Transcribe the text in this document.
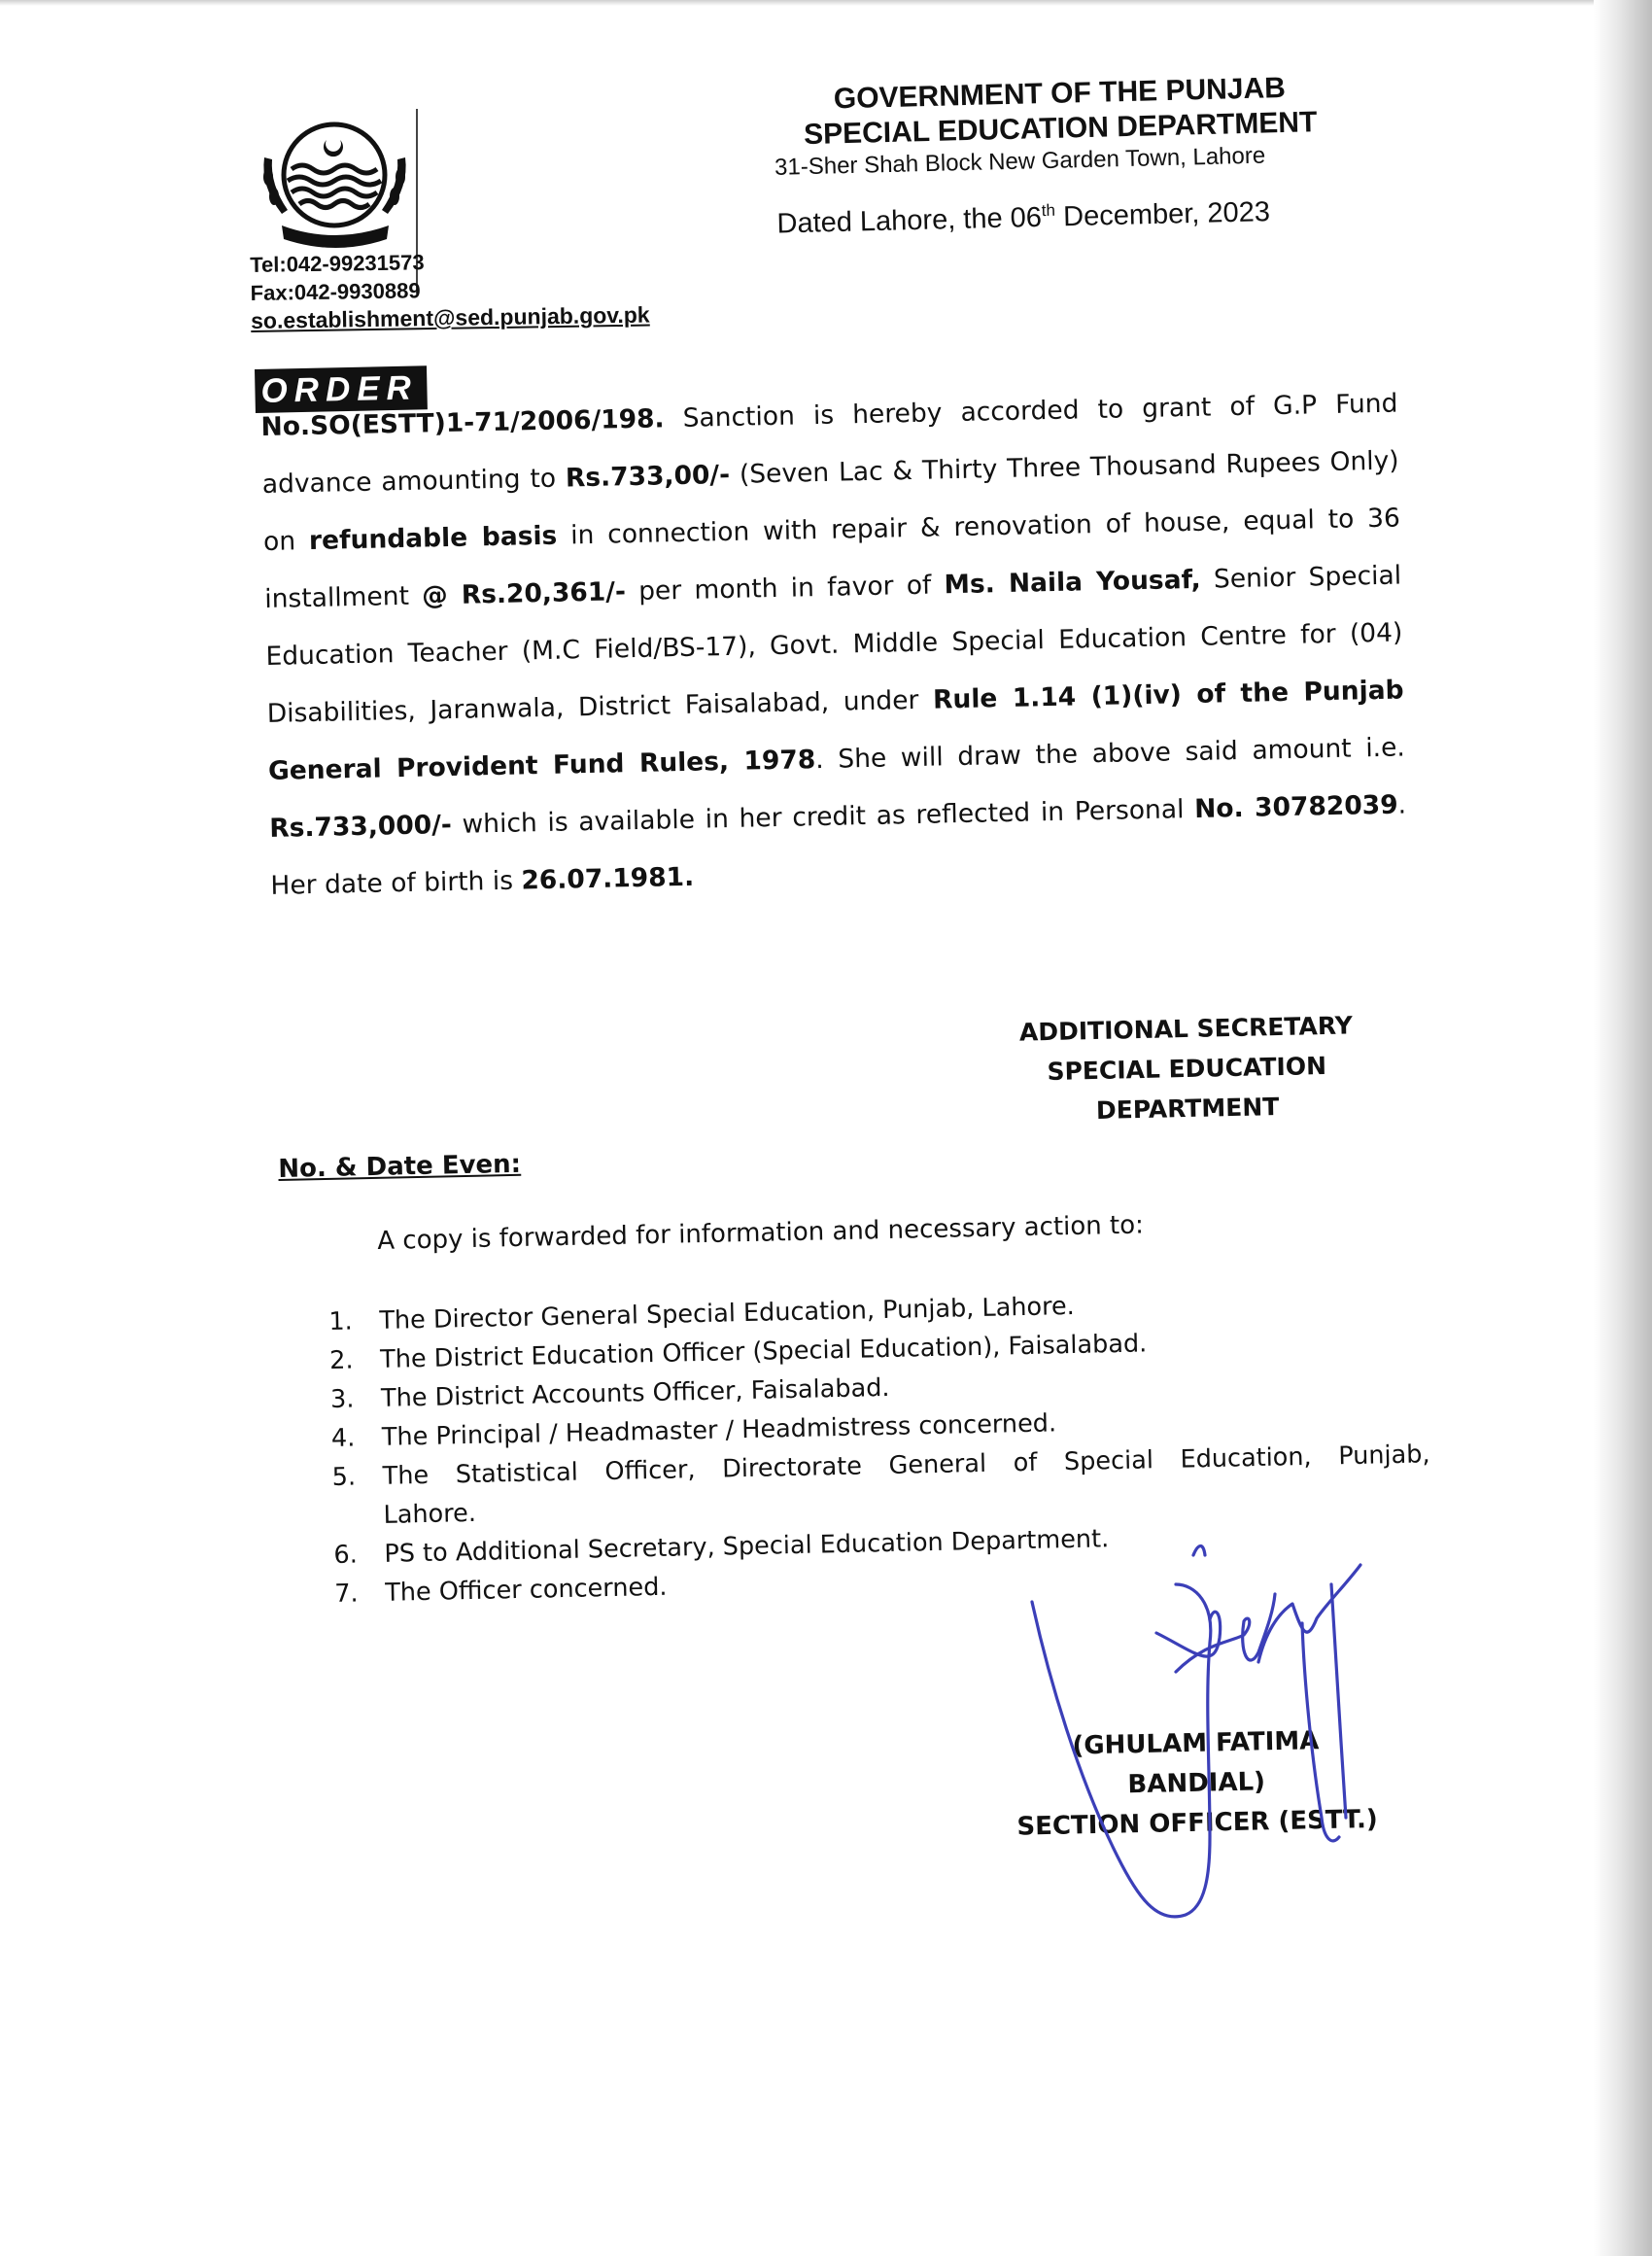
Tel:042-99231573
Fax:042-9930889
so.establishment@sed.punjab.gov.pk
GOVERNMENT OF THE PUNJAB
SPECIAL EDUCATION DEPARTMENT
31-Sher Shah Block New Garden Town, Lahore
Dated Lahore, the 06th December, 2023
ORDER
No.SO(ESTT)1-71/2006/198. Sanction is hereby accorded to grant of G.P Fund
advance amounting to Rs.733,00/- (Seven Lac & Thirty Three Thousand Rupees Only)
on refundable basis in connection with repair & renovation of house, equal to 36
installment @ Rs.20,361/- per month in favor of Ms. Naila Yousaf, Senior Special
Education Teacher (M.C Field/BS-17), Govt. Middle Special Education Centre for (04)
Disabilities, Jaranwala, District Faisalabad, under Rule 1.14 (1)(iv) of the Punjab
General Provident Fund Rules, 1978. She will draw the above said amount i.e.
Rs.733,000/- which is available in her credit as reflected in Personal No. 30782039.
Her date of birth is 26.07.1981.
ADDITIONAL SECRETARY
SPECIAL EDUCATION
DEPARTMENT
No. & Date Even:
A copy is forwarded for information and necessary action to:
1.	The Director General Special Education, Punjab, Lahore.
2.	The District Education Officer (Special Education), Faisalabad.
3.	The District Accounts Officer, Faisalabad.
4.	The Principal / Headmaster / Headmistress concerned.
5.	The Statistical Officer, Directorate General of Special Education, Punjab,
Lahore.
6.	PS to Additional Secretary, Special Education Department.
7.	The Officer concerned.
(GHULAM FATIMA BANDIAL)
SECTION OFFICER (ESTT.)
